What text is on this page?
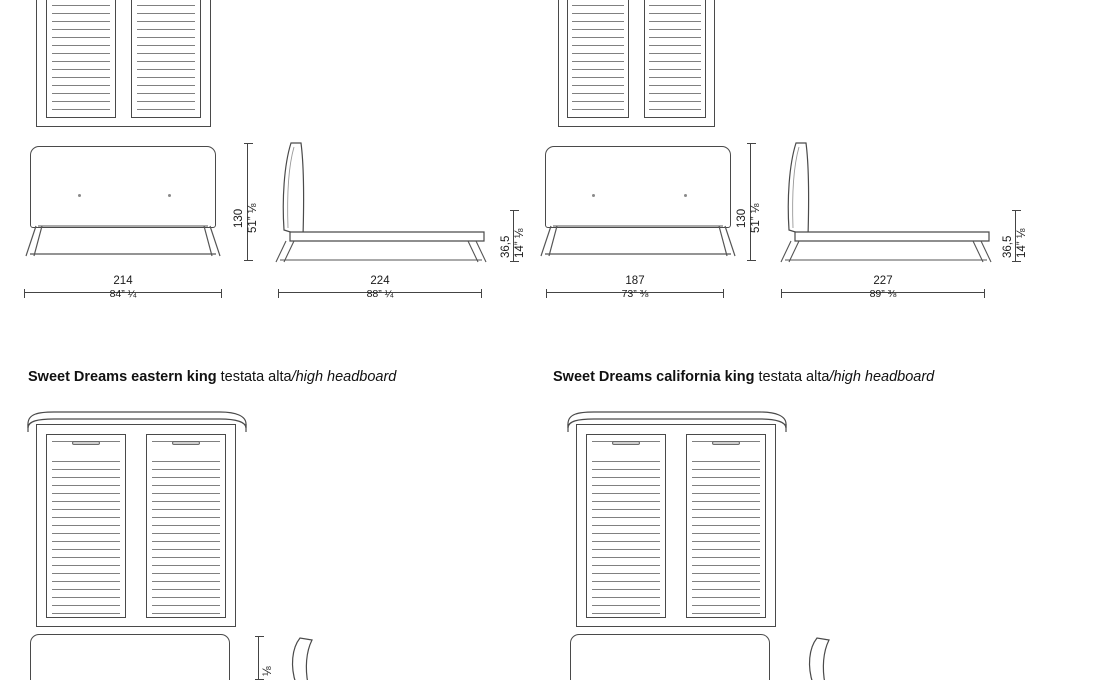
130 51” ⅛
214
84” ¼
36,5 14” ⅛
224
88” ¼
130 51” ⅛
187
73” ⅜
36,5 14” ⅛
227
89” ⅜
Sweet Dreams eastern king testata alta/high headboard	Sweet Dreams california king testata alta/high headboard
⅛
